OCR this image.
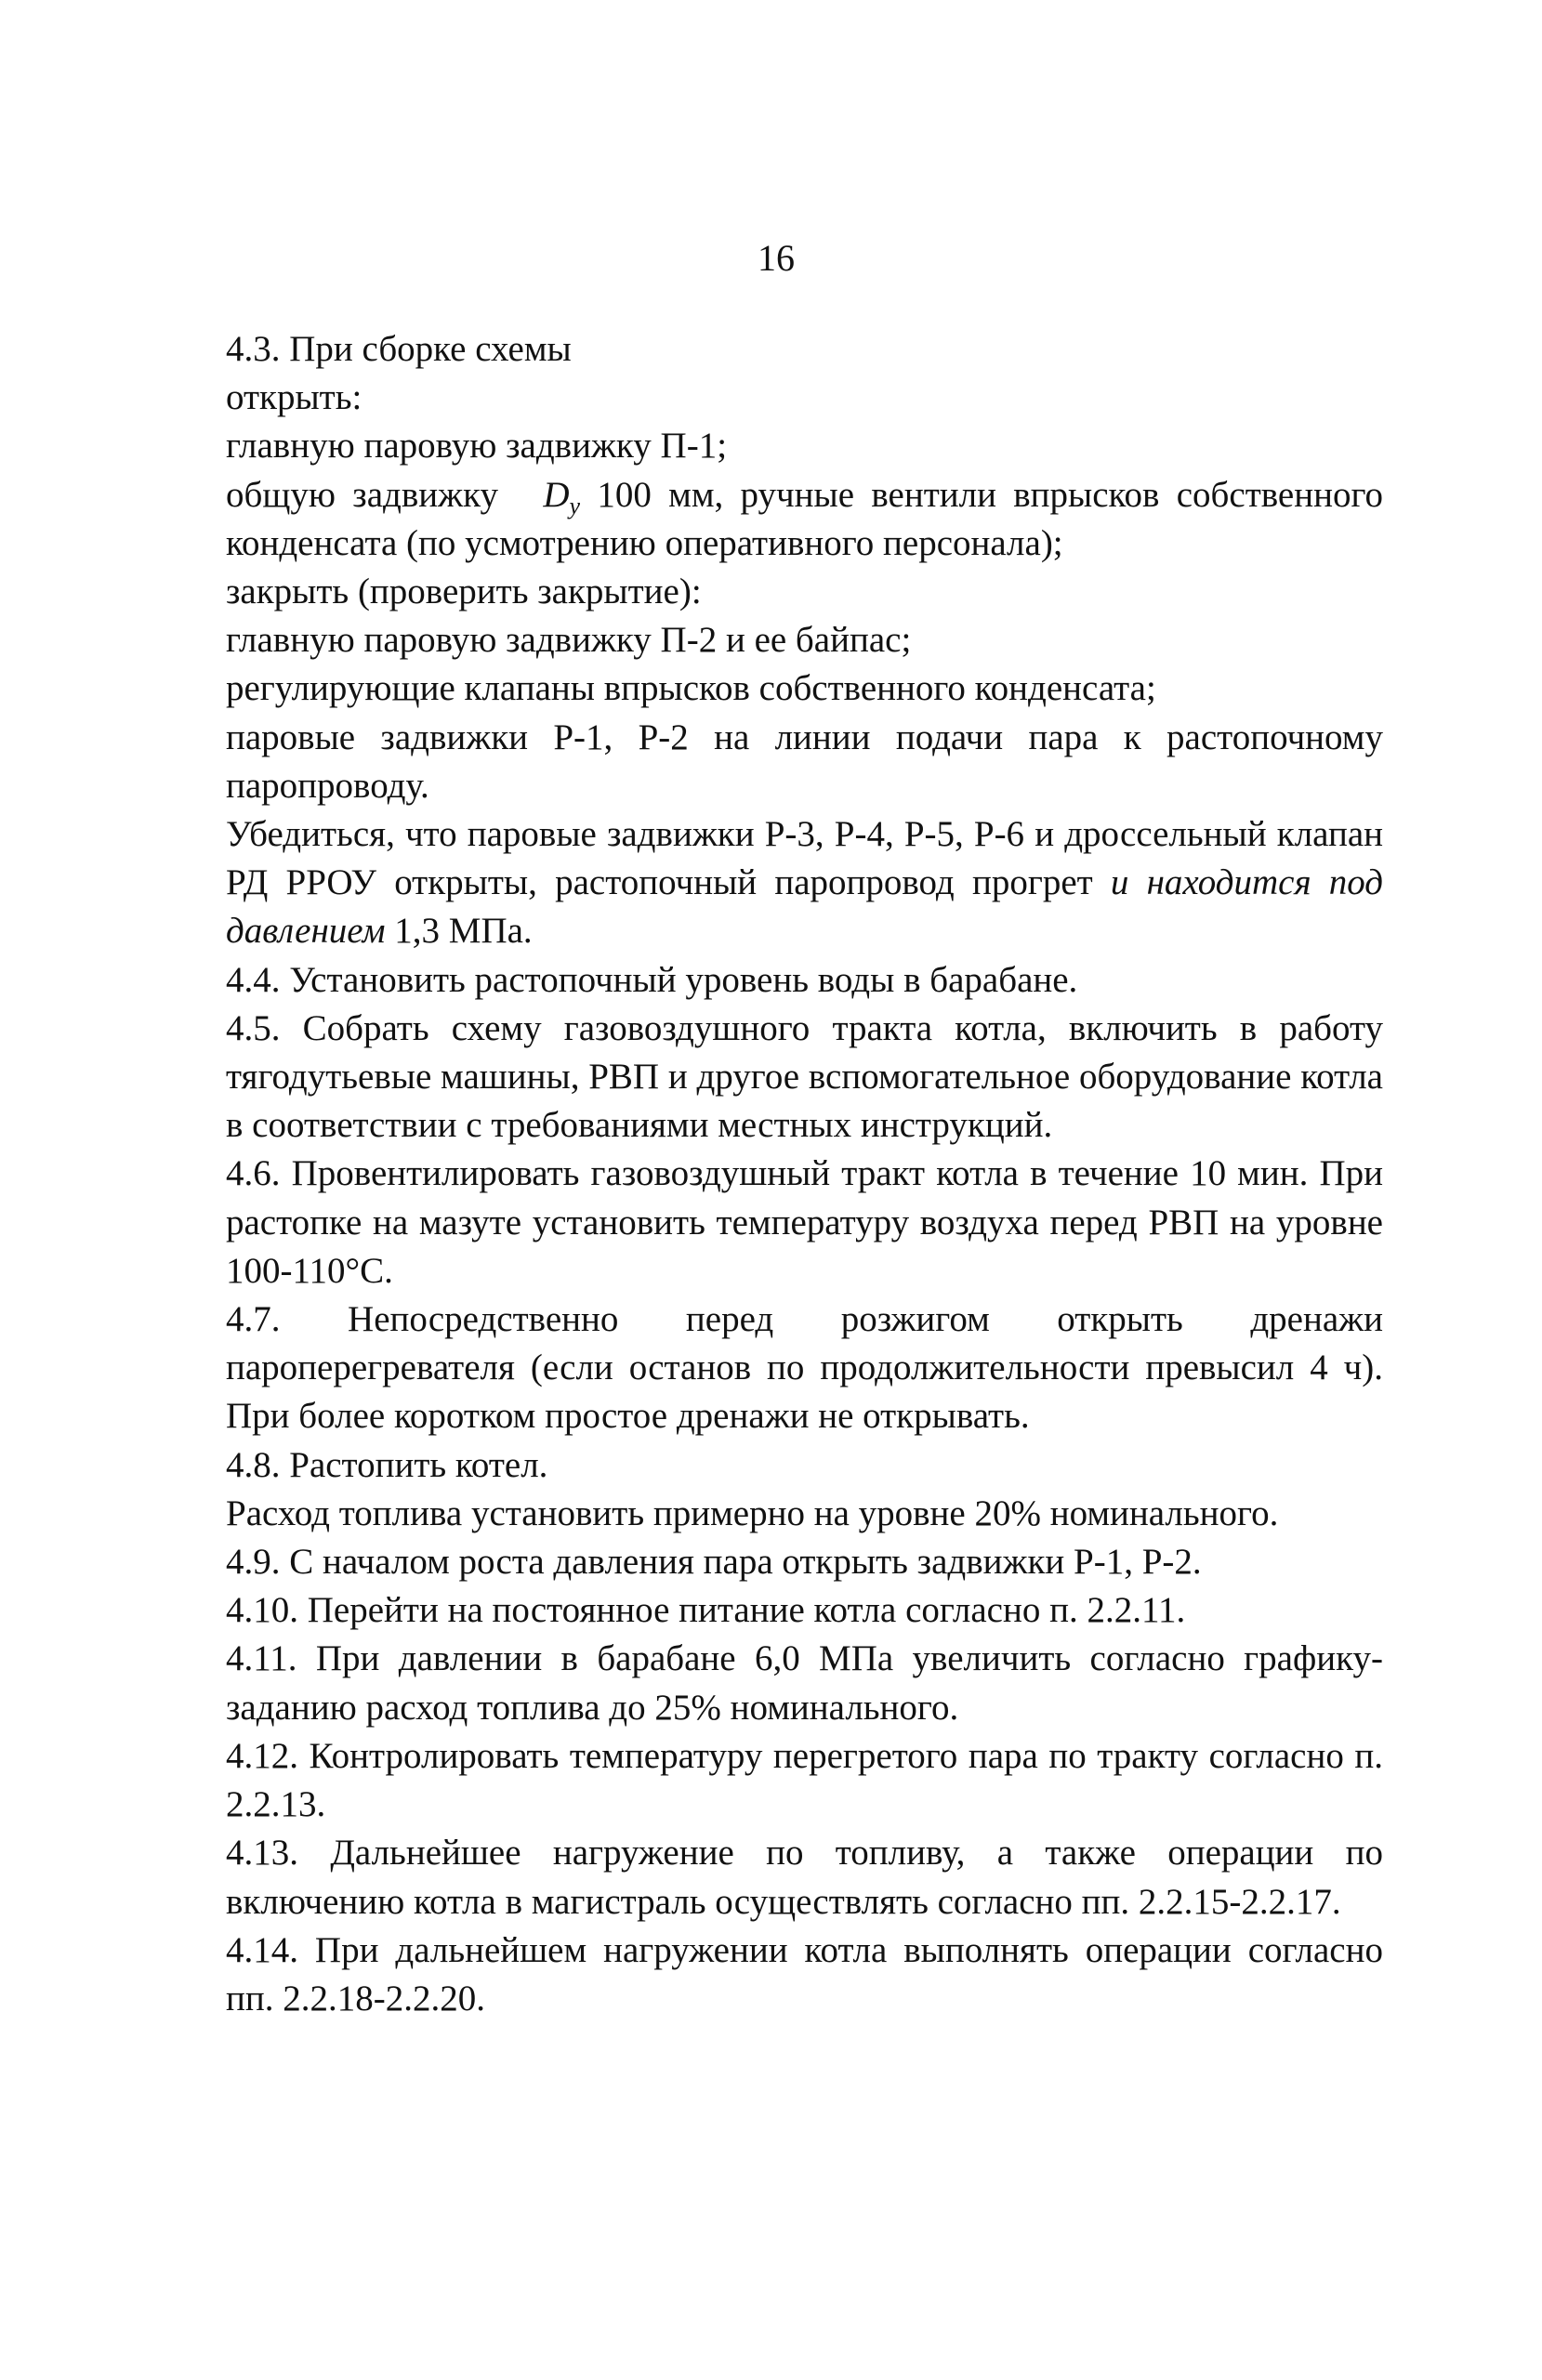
16

4.3. При сборке схемы

открыть:

главную паровую задвижку П-1;

общую задвижку $D_у$ 100 мм, ручные вентили впрысков собственного конденсата (по усмотрению оперативного персонала);

закрыть (проверить закрытие):

главную паровую задвижку П-2 и ее байпас;

регулирующие клапаны впрысков собственного конденсата;

паровые задвижки Р-1, Р-2 на линии подачи пара к растопочному паропроводу.

Убедиться, что паровые задвижки Р-3, Р-4, Р-5, Р-6 и дроссельный клапан РД РРОУ открыты, растопочный паропровод прогрет и находится под давлением 1,3 МПа.

4.4. Установить растопочный уровень воды в барабане.

4.5. Собрать схему газовоздушного тракта котла, включить в работу тягодутьевые машины, РВП и другое вспомогательное оборудование котла в соответствии с требованиями местных инструкций.

4.6. Провентилировать газовоздушный тракт котла в течение 10 мин. При растопке на мазуте установить температуру воздуха перед РВП на уровне 100-110°С.

4.7. Непосредственно перед розжигом открыть дренажи пароперегревателя (если останов по продолжительности превысил 4 ч). При более коротком простое дренажи не открывать.

4.8. Растопить котел.

Расход топлива установить примерно на уровне 20% номинального.

4.9. С началом роста давления пара открыть задвижки Р-1, Р-2.

4.10. Перейти на постоянное питание котла согласно п. 2.2.11.

4.11. При давлении в барабане 6,0 МПа увеличить согласно графику-заданию расход топлива до 25% номинального.

4.12. Контролировать температуру перегретого пара по тракту согласно п. 2.2.13.

4.13. Дальнейшее нагружение по топливу, а также операции по включению котла в магистраль осуществлять согласно пп. 2.2.15-2.2.17.

4.14. При дальнейшем нагружении котла выполнять операции согласно пп. 2.2.18-2.2.20.
